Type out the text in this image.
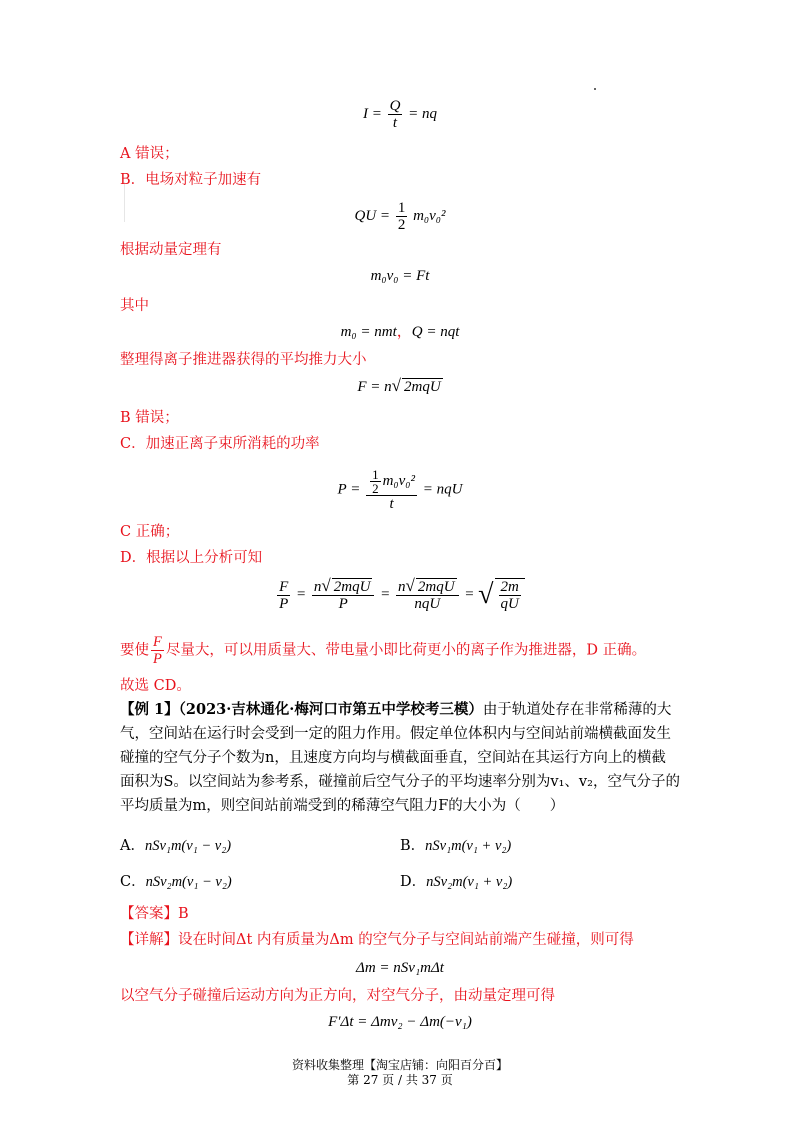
$I = \frac{Q}{t}$ = nq
A 错误；
B．电场对粒子加速有
QU = $\frac{1}{2} m_0v_0^2$
根据动量定理有
m₀v₀ = Ft
其中
m₀ = nmt，Q = nqt
整理得离子推进器获得的平均推力大小
F = n√ 2mqU
B 错误；
C．加速正离子束所消耗的功率
$P = \frac{\frac{1}{2} m_0v_0^2}{t}$ = nqU
C 正确；
D．根据以上分析可知
$\frac{F}{P} = \frac{\text{n√ 2mqU}}{P} = \frac{\text{n√ 2mqU}}{\text{nqU}}$ = √ $\frac{2m}{qU}$
要使 $\frac{F}{P}$ 尽量大，可以用质量大、带电量小即比荷更小的离子作为推进器，D 正确。
故选 CD。
【例 1】（2023·吉林通化·梅河口市第五中学校考三模）由于轨道处存在非常稀薄的大气，空间站在运行时会受到一定的阻力作用。假定单位体积内与空间站前端横截面发生碰撞的空气分子个数为n，且速度方向均与横截面垂直，空间站在其运行方向上的横截面积为S。以空间站为参考系，碰撞前后空气分子的平均速率分别为v₁、v₂，空气分子的平均质量为m，则空间站前端受到的稀薄空气阻力F的大小为（　　）
A．nSv₁m(v₁ − v₂)	B．nSv₁m(v₁ + v₂)
C．nSv₂m(v₁ − v₂)	D．nSv₂m(v₁ + v₂)
【答案】B
【详解】设在时间Δt 内有质量为Δm 的空气分子与空间站前端产生碰撞，则可得
Δm = nSv₁mΔt
以空气分子碰撞后运动方向为正方向，对空气分子，由动量定理可得
F′Δt = Δmv₂ − Δm(−v₁)
资料收集整理【淘宝店铺：向阳百分百】
第 27 页 / 共 37 页
